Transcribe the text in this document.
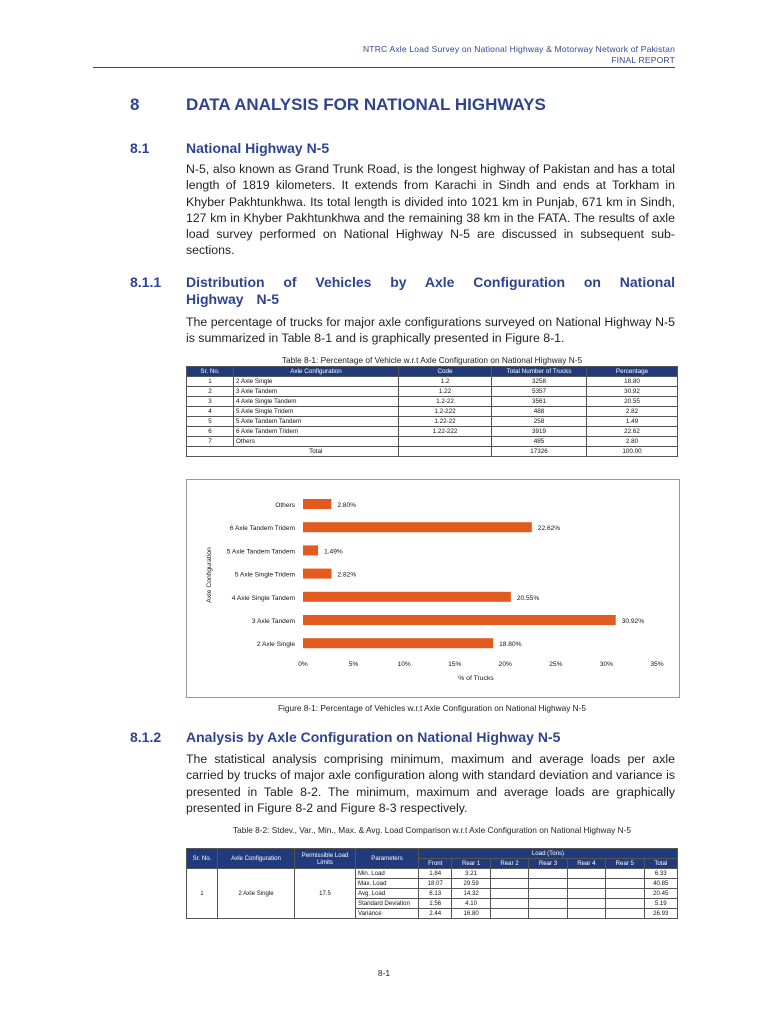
NTRC Axle Load Survey on National Highway & Motorway Network of Pakistan
FINAL REPORT
8	DATA ANALYSIS FOR NATIONAL HIGHWAYS
8.1	National Highway N-5
N-5, also known as Grand Trunk Road, is the longest highway of Pakistan and has a total length of 1819 kilometers. It extends from Karachi in Sindh and ends at Torkham in Khyber Pakhtunkhwa. Its total length is divided into 1021 km in Punjab, 671 km in Sindh, 127 km in Khyber Pakhtunkhwa and the remaining 38 km in the FATA. The results of axle load survey performed on National Highway N-5 are discussed in subsequent sub-sections.
8.1.1 Distribution of Vehicles by Axle Configuration on National Highway N-5
The percentage of trucks for major axle configurations surveyed on National Highway N-5 is summarized in Table 8-1 and is graphically presented in Figure 8-1.
Table 8-1: Percentage of Vehicle w.r.t Axle Configuration on National Highway N-5
Sr. No.	Axle Configuration	Code	Total Number of Trucks	Percentage
1	2 Axle Single	1.2	3258	18.80
2	3 Axle Tandem	1.22	5357	30.92
3	4 Axle Single Tandem	1.2-22	3561	20.55
4	5 Axle Single Tridem	1.2-222	488	2.82
5	5 Axle Tandem Tandem	1.22-22	258	1.49
6	6 Axle Tandem Tridem	1.22-222	3919	22.62
7	Others		485	2.80
	Total		17326	100.00
Others	2.80%
6 Axle Tandem Tridem	22.62%
5 Axle Tandem Tandem	1.49%
5 Axle Single Tridem	2.82%
4 Axle Single Tandem	20.55%
3 Axle Tandem	30.92%
2 Axle Single	18.80%
0%	5%	10%	15%	20%	25%	30%	35%
% of Trucks
Axle Configuration
Figure 8-1: Percentage of Vehicles w.r.t Axle Configuration on National Highway N-5
8.1.2 Analysis by Axle Configuration on National Highway N-5
The statistical analysis comprising minimum, maximum and average loads per axle carried by trucks of major axle configuration along with standard deviation and variance is presented in Table 8-2. The minimum, maximum and average loads are graphically presented in Figure 8-2 and Figure 8-3 respectively.
Table 8-2: Stdev., Var., Min., Max. & Avg. Load Comparison w.r.t Axle Configuration on National Highway N-5
Sr. No.	Axle Configuration	Permissible Load Limits	Parameters	Load (Tons)						
				Front	Rear 1	Rear 2	Rear 3	Rear 4	Rear 5	Total
1	2 Axle Single	17.5	Min. Load	1.84	3.21					6.33
			Max. Load	18.07	29.59					40.85
			Avg. Load	6.13	14.32					20.45
			Standard Deviation	1.56	4.10					5.19
			Variance	2.44	16.80					26.93
8-1
